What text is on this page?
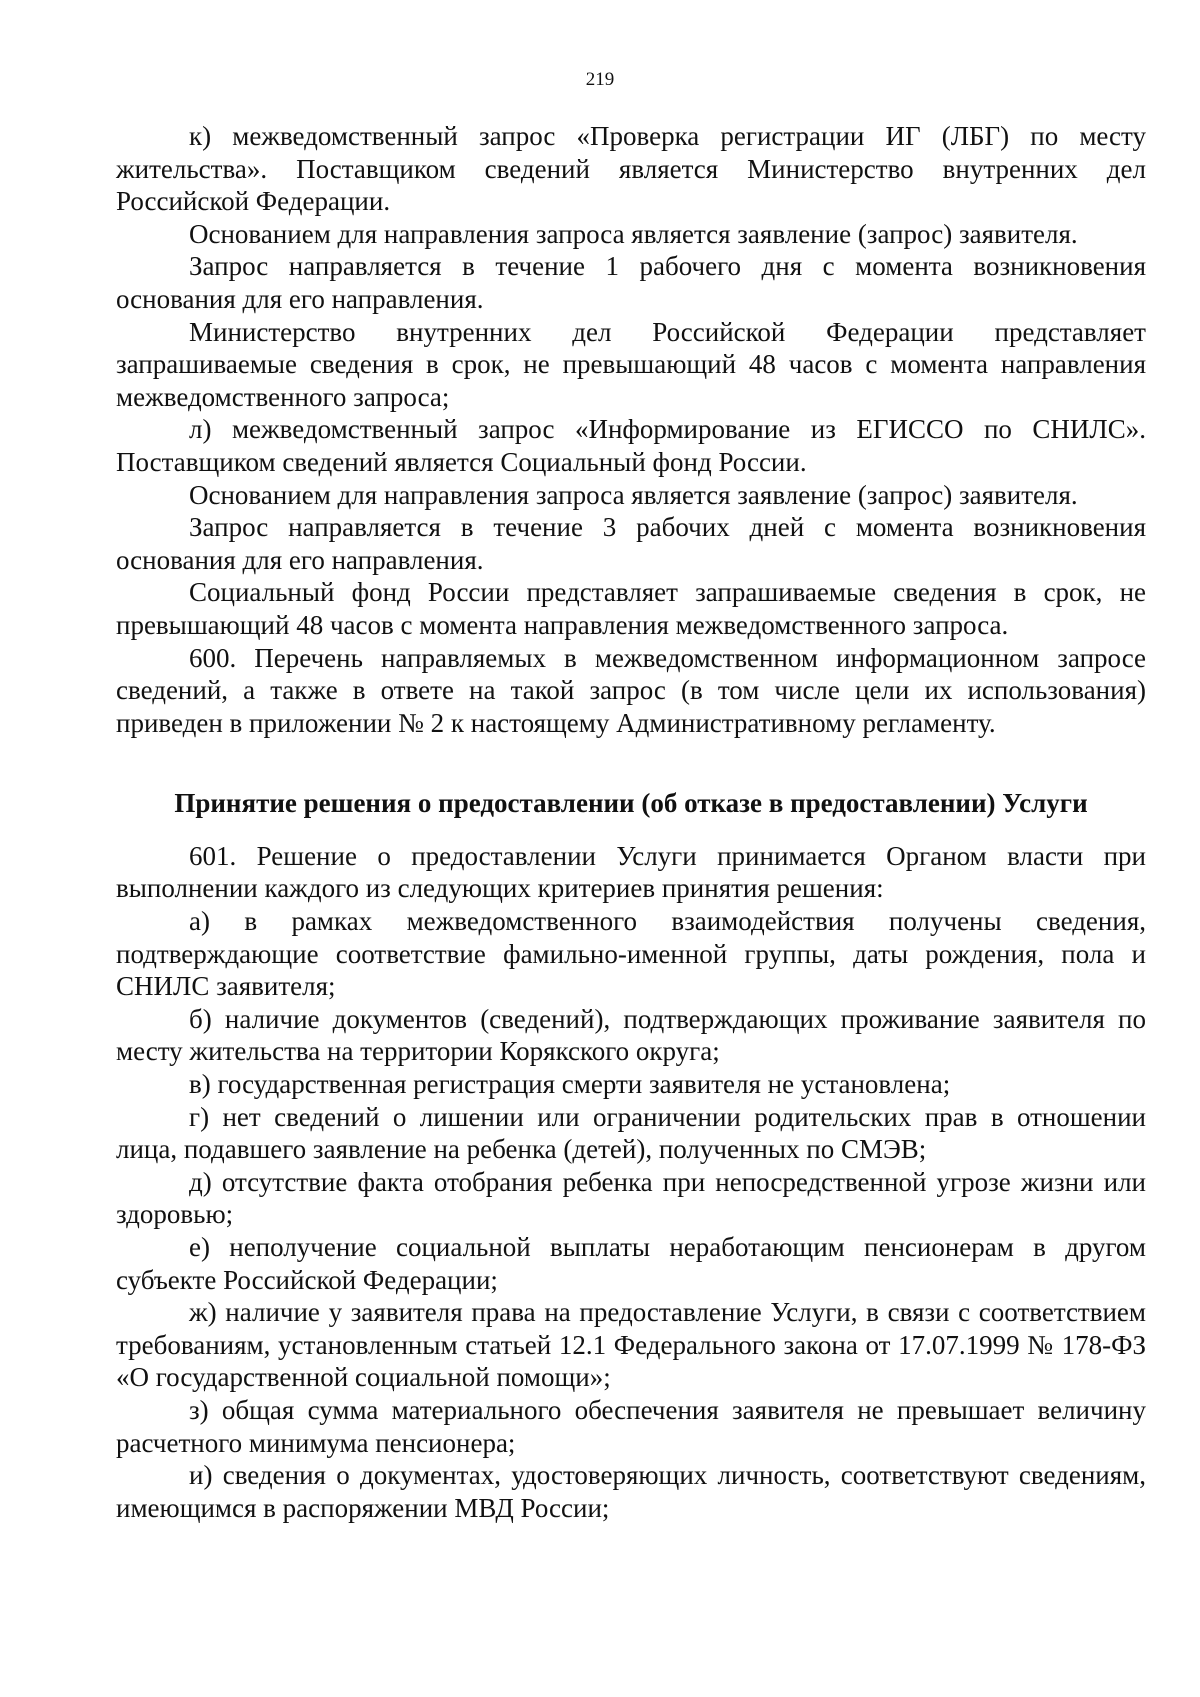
219

к) межведомственный запрос «Проверка регистрации ИГ (ЛБГ) по месту жительства». Поставщиком сведений является Министерство внутренних дел Российской Федерации.

Основанием для направления запроса является заявление (запрос) заявителя.

Запрос направляется в течение 1 рабочего дня с момента возникновения основания для его направления.

Министерство внутренних дел Российской Федерации представляет запрашиваемые сведения в срок, не превышающий 48 часов с момента направления межведомственного запроса;

л) межведомственный запрос «Информирование из ЕГИССО по СНИЛС». Поставщиком сведений является Социальный фонд России.

Основанием для направления запроса является заявление (запрос) заявителя.

Запрос направляется в течение 3 рабочих дней с момента возникновения основания для его направления.

Социальный фонд России представляет запрашиваемые сведения в срок, не превышающий 48 часов с момента направления межведомственного запроса.

600. Перечень направляемых в межведомственном информационном запросе сведений, а также в ответе на такой запрос (в том числе цели их использования) приведен в приложении № 2 к настоящему Административному регламенту.

Принятие решения о предоставлении (об отказе в предоставлении) Услуги

601. Решение о предоставлении Услуги принимается Органом власти при выполнении каждого из следующих критериев принятия решения:

а) в рамках межведомственного взаимодействия получены сведения, подтверждающие соответствие фамильно-именной группы, даты рождения, пола и СНИЛС заявителя;

б) наличие документов (сведений), подтверждающих проживание заявителя по месту жительства на территории Корякского округа;

в) государственная регистрация смерти заявителя не установлена;

г) нет сведений о лишении или ограничении родительских прав в отношении лица, подавшего заявление на ребенка (детей), полученных по СМЭВ;

д) отсутствие факта отобрания ребенка при непосредственной угрозе жизни или здоровью;

е) неполучение социальной выплаты неработающим пенсионерам в другом субъекте Российской Федерации;

ж) наличие у заявителя права на предоставление Услуги, в связи с соответствием требованиям, установленным статьей 12.1 Федерального закона от 17.07.1999 № 178-ФЗ «О государственной социальной помощи»;

з) общая сумма материального обеспечения заявителя не превышает величину расчетного минимума пенсионера;

и) сведения о документах, удостоверяющих личность, соответствуют сведениям, имеющимся в распоряжении МВД России;
